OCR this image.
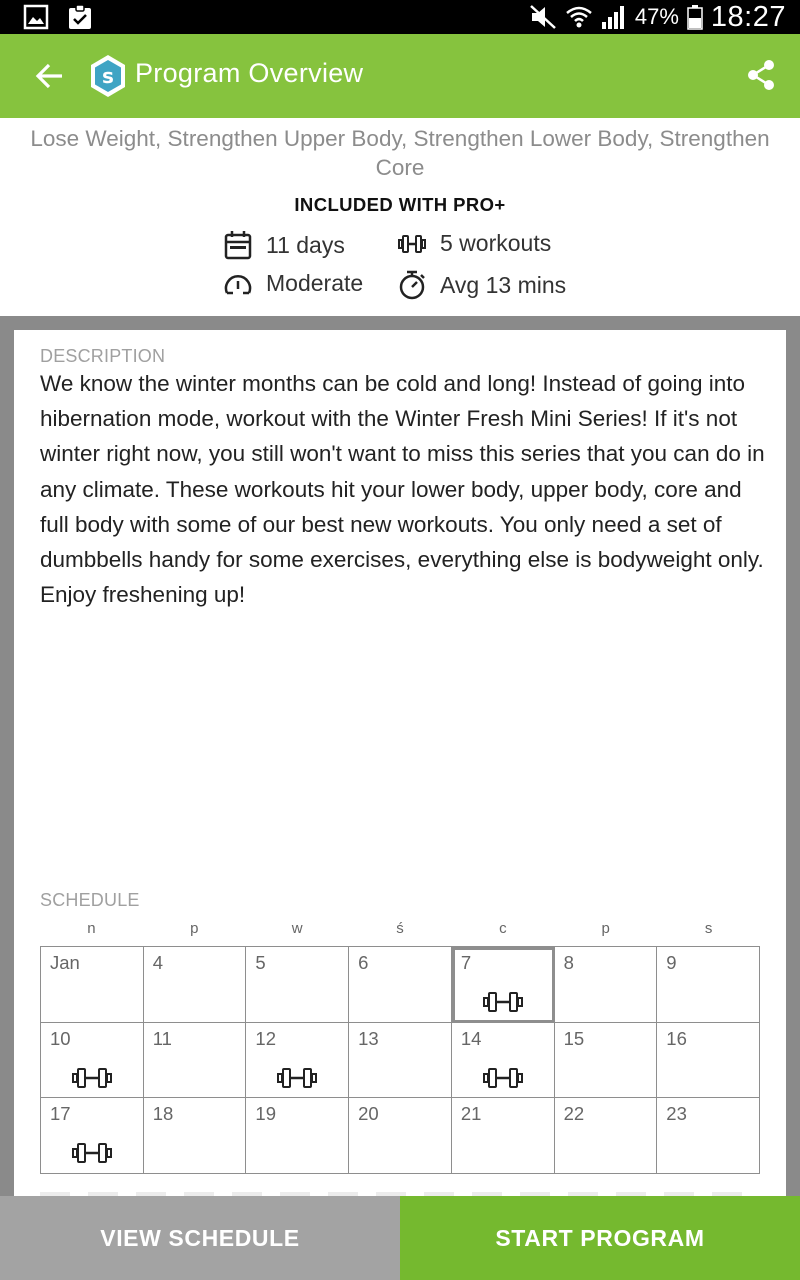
47% 18:27
s Program Overview
Lose Weight, Strengthen Upper Body, Strengthen Lower Body, Strengthen Core
INCLUDED WITH PRO+
11 days	5 workouts
Moderate	Avg 13 mins
DESCRIPTION
We know the winter months can be cold and long! Instead of going into hibernation mode, workout with the Winter Fresh Mini Series! If it's not winter right now, you still won't want to miss this series that you can do in any climate. These workouts hit your lower body, upper body, core and full body with some of our best new workouts. You only need a set of dumbbells handy for some exercises, everything else is bodyweight only. Enjoy freshening up!
SCHEDULE
n	p	w	ś	c	p	s
Jan	4	5	6	7	8	9
10	11	12	13	14	15	16
17	18	19	20	21	22	23
VIEW SCHEDULE	START PROGRAM
